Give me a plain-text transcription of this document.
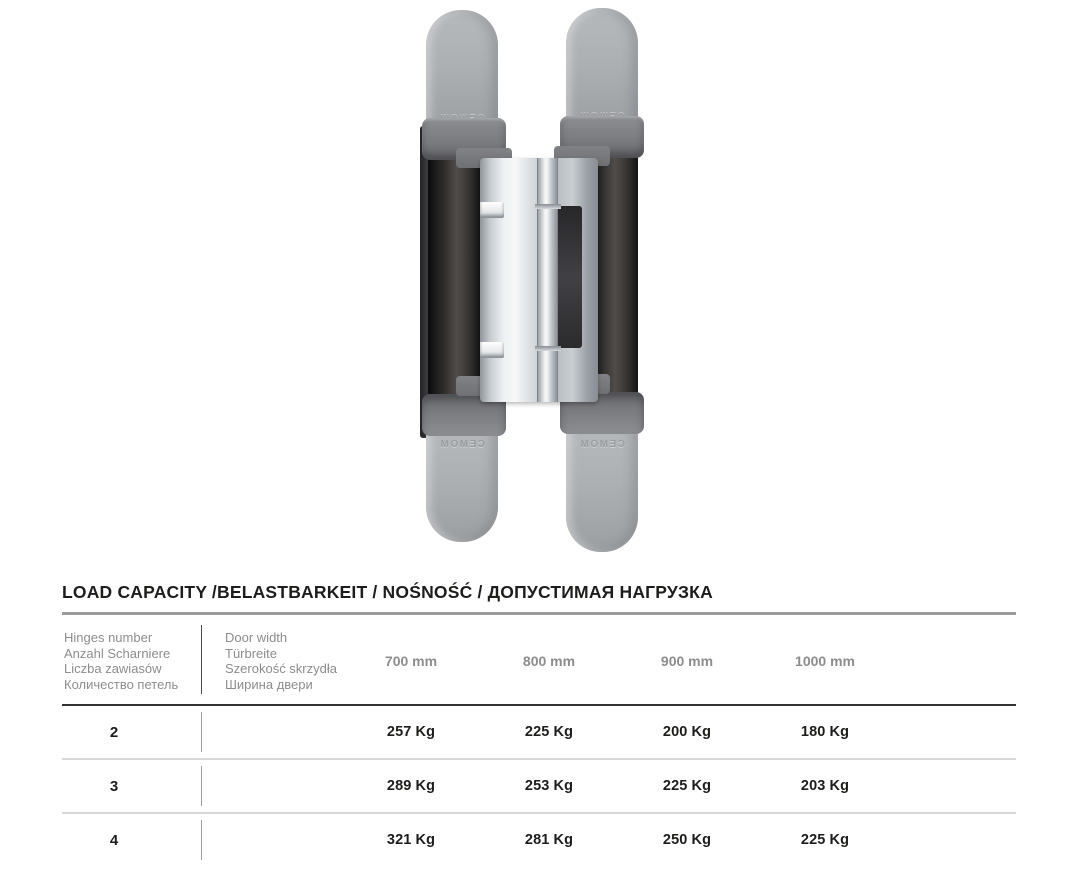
CEMOM	CEMOM
LOAD CAPACITY /BELASTBARKEIT / NOŚNOŚĆ / ДОПУСТИМАЯ НАГРУЗКА
Hinges number
Anzahl Scharniere
Liczba zawiasów
Количество петель
Door width
Türbreite
Szerokość skrzydła
Ширина двери
700 mm	800 mm	900 mm	1000 mm
2	257 Kg	225 Kg	200 Kg	180 Kg
3	289 Kg	253 Kg	225 Kg	203 Kg
4	321 Kg	281 Kg	250 Kg	225 Kg
